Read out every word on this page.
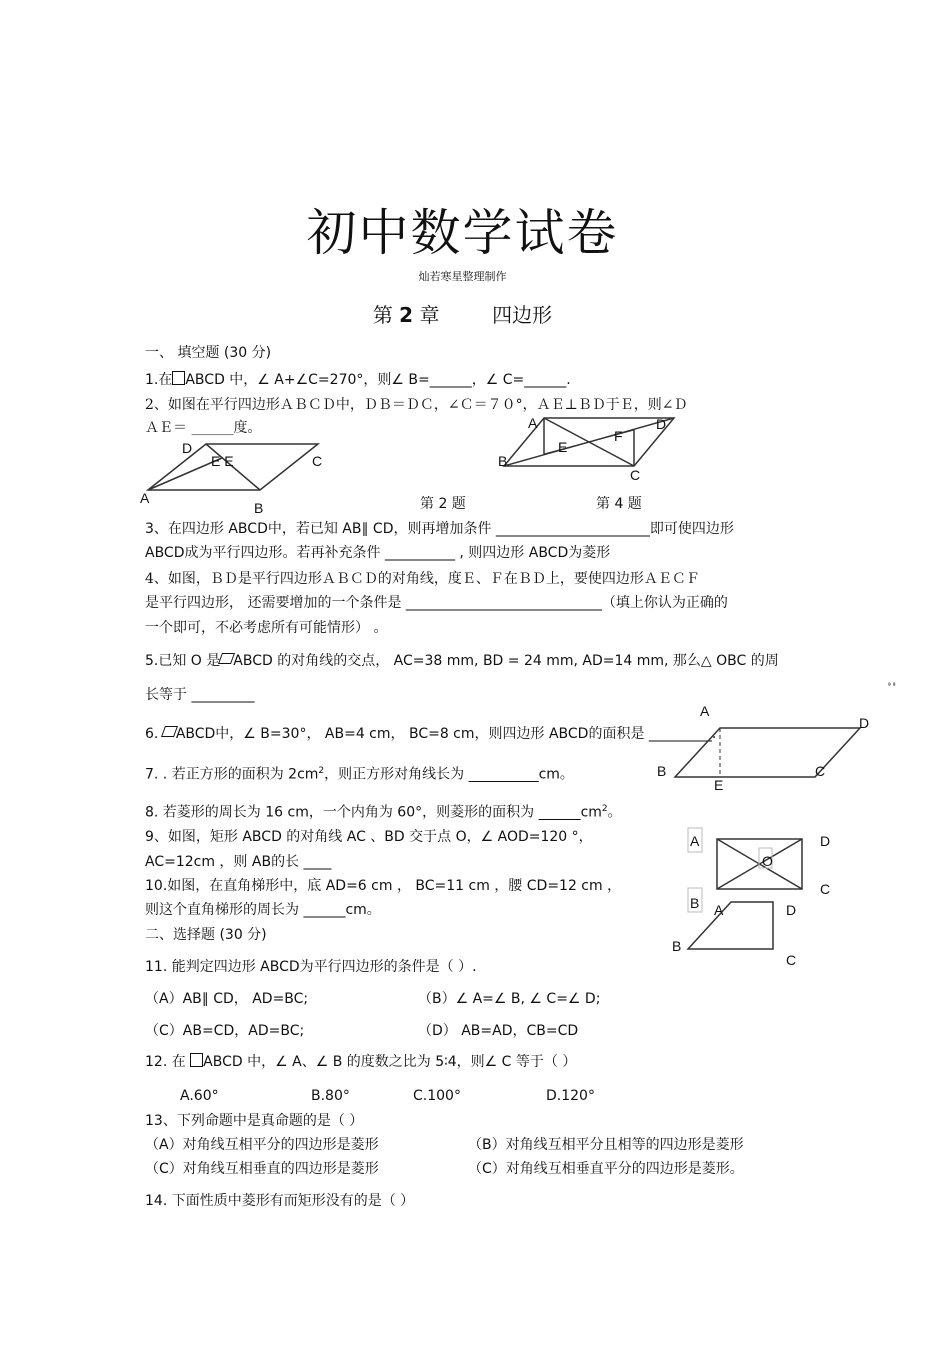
初中数学试卷
灿若寒星整理制作
第 2 章	四边形
一、 填空题 (30 分)
1.在 ABCD 中，∠ A+∠C=270°，则∠ B=______，∠ C=______.
2、如图在平行四边形ＡＢＣＤ中，ＤＢ＝ＤＣ，∠Ｃ＝７０°，ＡＥ⊥ＢＤ于Ｅ，则∠Ｄ
ＡＥ＝ ______度。
A
B
C
D
E E
A
B
C
D
E
F
第 2 题	第 4 题
3、在四边形 ABCD中，若已知 AB∥ CD，则再增加条件 ______________________即可使四边形
ABCD成为平行四边形。若再补充条件 __________ , 则四边形 ABCD为菱形
4、如图，ＢＤ是平行四边形ＡＢＣＤ的对角线，度Ｅ、Ｆ在ＢＤ上，要使四边形ＡＥＣＦ
是平行四边形， 还需要增加的一个条件是 ____________________________（填上你认为正确的
一个即可，不必考虑所有可能情形） 。
5.已知 O 是 ABCD 的对角线的交点， AC=38 mm, BD = 24 mm, AD=14 mm, 那么△ OBC 的周
长等于 _________
ª ª
6. ABCD中，∠ B=30°， AB=4 cm， BC=8 cm，则四边形 ABCD的面积是 _________.
A
B	C
D
E
7. . 若正方形的面积为 $2cm^2$，则正方形对角线长为 __________cm。
8. 若菱形的周长为 16 cm，一个内角为 60°，则菱形的面积为 $\_\_\_\_\_\_cm^2$。
9、如图，矩形 ABCD 的对角线 AC 、BD 交于点 O，∠ AOD=120 °，
AC=12cm ，则 AB的长 ____
A
B
C
D
O
10.如图，在直角梯形中，底 AD=6 cm ， BC=11 cm ，腰 CD=12 cm ，
则这个直角梯形的周长为 ______cm。	A
B
C
D
二、选择题 (30 分)
11. 能判定四边形 ABCD为平行四边形的条件是（ ）.
（A）AB∥ CD， AD=BC;	（B）∠ A=∠ B, ∠ C=∠ D;
（C）AB=CD，AD=BC;	（D） AB=AD，CB=CD
12. 在 ABCD 中，∠ A、∠ B 的度数之比为 5∶4，则∠ C 等于（ ）
A.60°	B.80°	C.100°	D.120°
13、下列命题中是真命题的是（ ）
（A）对角线互相平分的四边形是菱形	（B）对角线互相平分且相等的四边形是菱形
（C）对角线互相垂直的四边形是菱形	（C）对角线互相垂直平分的四边形是菱形。
14. 下面性质中菱形有而矩形没有的是（ ）
